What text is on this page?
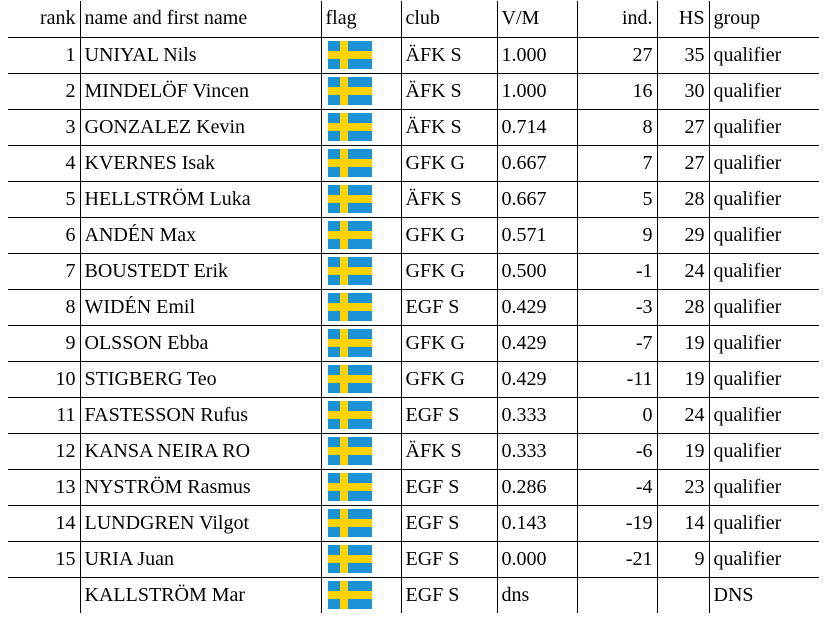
rank	name and first name	flag	club	V/M	ind.	HS	group
1	UNIYAL Nils		ÄFK S	1.000	27	35	qualifier
2	MINDELÖF Vincen		ÄFK S	1.000	16	30	qualifier
3	GONZALEZ Kevin		ÄFK S	0.714	8	27	qualifier
4	KVERNES Isak		GFK G	0.667	7	27	qualifier
5	HELLSTRÖM Luka		ÄFK S	0.667	5	28	qualifier
6	ANDÉN Max		GFK G	0.571	9	29	qualifier
7	BOUSTEDT Erik		GFK G	0.500	-1	24	qualifier
8	WIDÉN Emil		EGF S	0.429	-3	28	qualifier
9	OLSSON Ebba		GFK G	0.429	-7	19	qualifier
10	STIGBERG Teo		GFK G	0.429	-11	19	qualifier
11	FASTESSON Rufus		EGF S	0.333	0	24	qualifier
12	KANSA NEIRA RO		ÄFK S	0.333	-6	19	qualifier
13	NYSTRÖM Rasmus		EGF S	0.286	-4	23	qualifier
14	LUNDGREN Vilgot		EGF S	0.143	-19	14	qualifier
15	URIA Juan		EGF S	0.000	-21	9	qualifier

	KALLSTRÖM Mar		EGF S	dns			DNS
